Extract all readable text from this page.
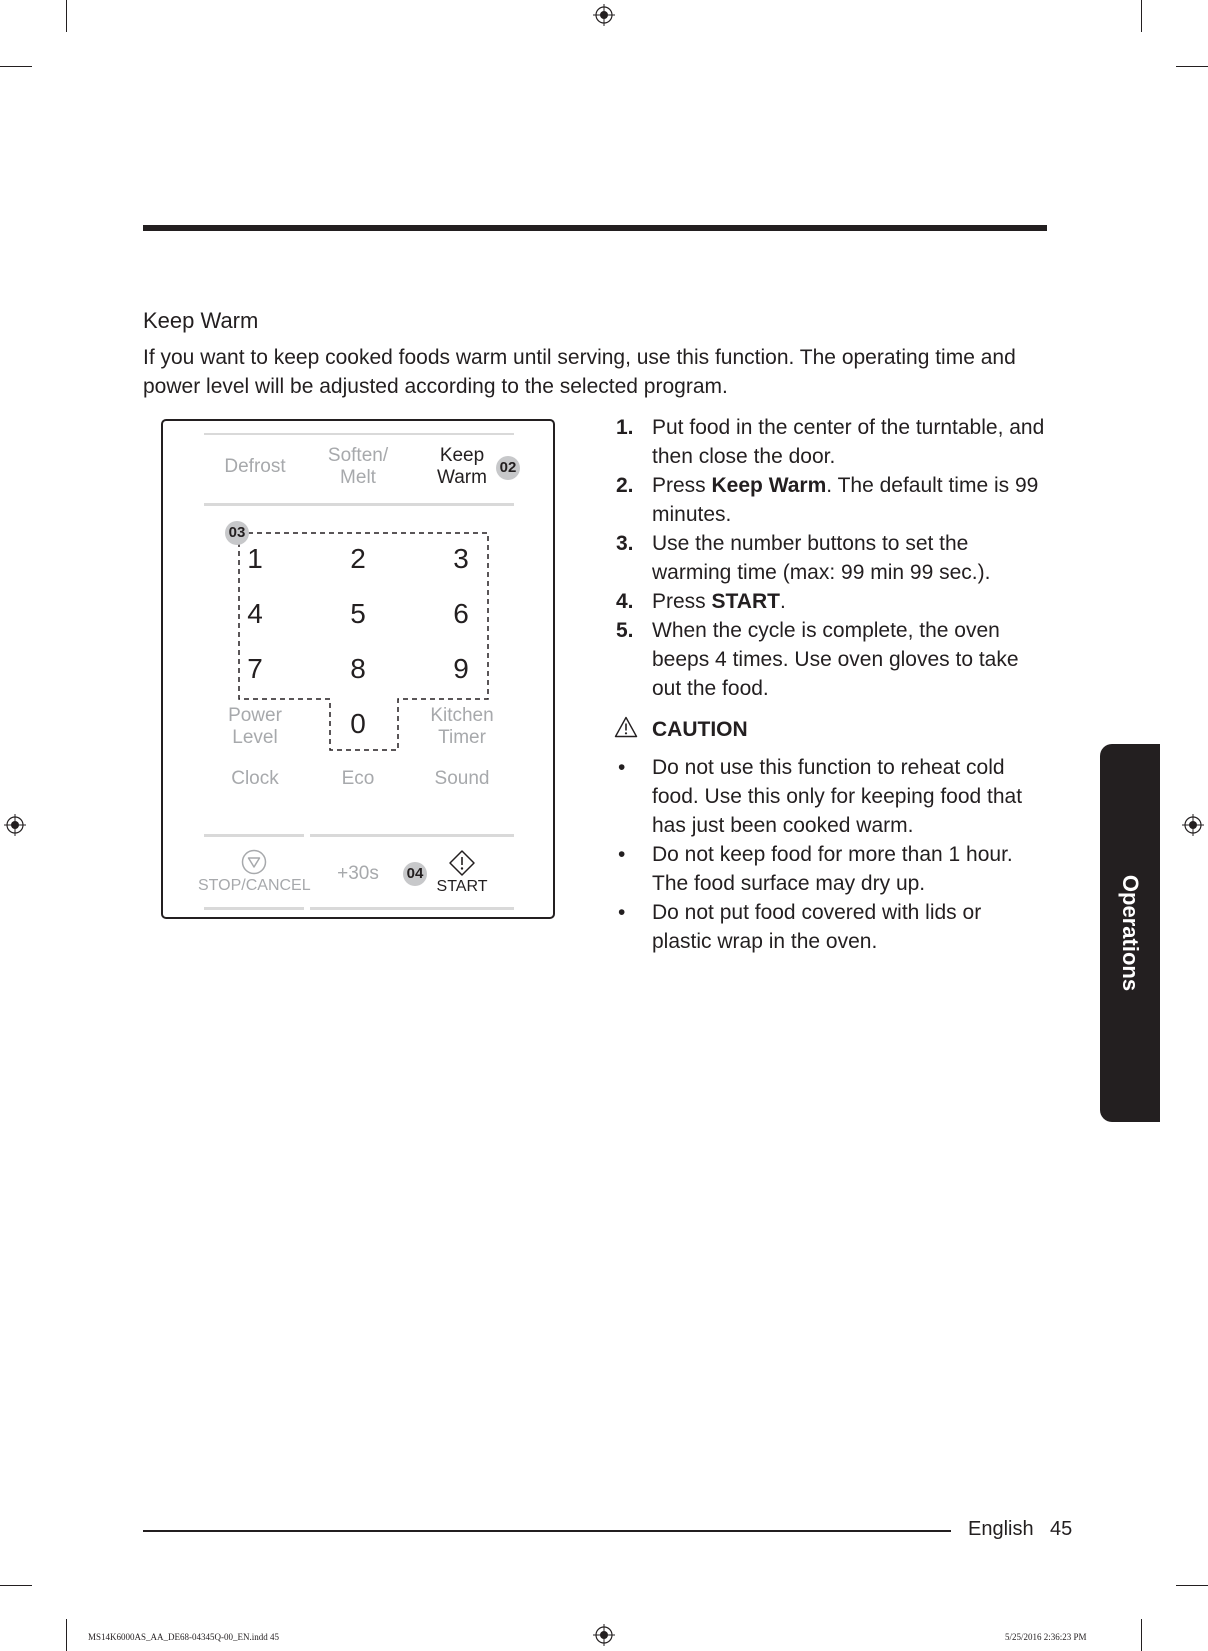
Keep Warm
If you want to keep cooked foods warm until serving, use this function. The operating time and power level will be adjusted according to the selected program.
Defrost
Soften/
Melt
Keep
Warm 02
03
1	2	3
4	5	6
7	8	9
0
Power
Level
Kitchen
Timer
Clock	Eco	Sound
STOP/CANCEL
+30s	04
START
1. Put food in the center of the turntable, and then close the door.
2. Press Keep Warm. The default time is 99 minutes.
3. Use the number buttons to set the warming time (max: 99 min 99 sec.).
4. Press START.
5. When the cycle is complete, the oven beeps 4 times. Use oven gloves to take out the food.
CAUTION
• Do not use this function to reheat cold food. Use this only for keeping food that has just been cooked warm.
• Do not keep food for more than 1 hour. The food surface may dry up.
• Do not put food covered with lids or plastic wrap in the oven.	Operations
English 45
MS14K6000AS_AA_DE68-04345Q-00_EN.indd 45	5/25/2016 2:36:23 PM
